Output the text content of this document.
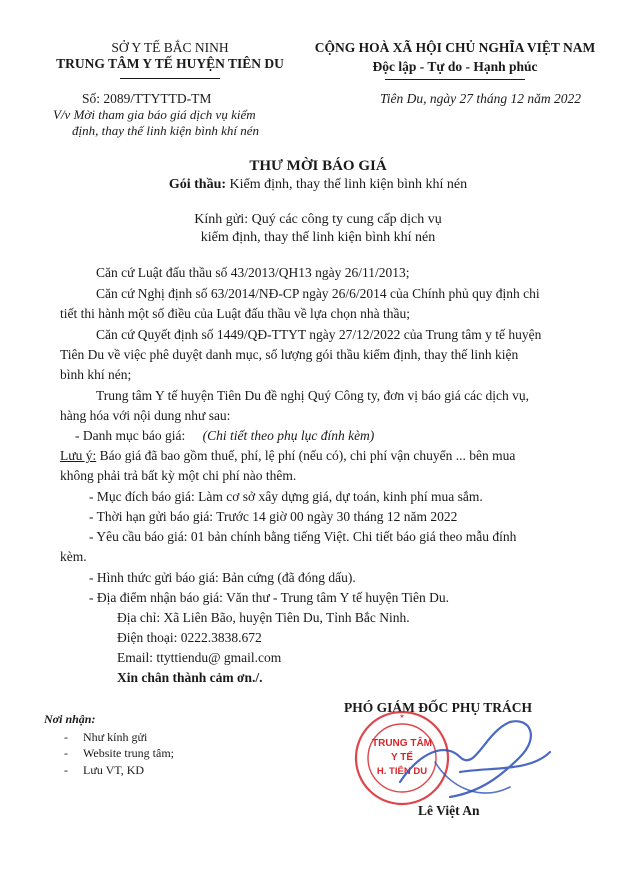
SỞ Y TẾ BẮC NINH
TRUNG TÂM Y TẾ HUYỆN TIÊN DU
Số: 2089/TTYTTD-TM
V/v Mời tham gia báo giá dịch vụ kiểm
định, thay thế linh kiện bình khí nén
CỘNG HOÀ XÃ HỘI CHỦ NGHĨA VIỆT NAM
Độc lập - Tự do - Hạnh phúc
Tiên Du, ngày 27 tháng 12 năm 2022
THƯ MỜI BÁO GIÁ
Gói thầu: Kiểm định, thay thế linh kiện bình khí nén
Kính gửi: Quý các công ty cung cấp dịch vụ
kiểm định, thay thế linh kiện bình khí nén
Căn cứ Luật đấu thầu số 43/2013/QH13 ngày 26/11/2013;
Căn cứ Nghị định số 63/2014/NĐ-CP ngày 26/6/2014 của Chính phủ quy định chi
tiết thi hành một số điều của Luật đấu thầu về lựa chọn nhà thầu;
Căn cứ Quyết định số 1449/QĐ-TTYT ngày 27/12/2022 của Trung tâm y tế huyện
Tiên Du về việc phê duyệt danh mục, số lượng gói thầu kiểm định, thay thế linh kiện
bình khí nén;
Trung tâm Y tế huyện Tiên Du đề nghị Quý Công ty, đơn vị báo giá các dịch vụ,
hàng hóa với nội dung như sau:
- Danh mục báo giá: (Chi tiết theo phụ lục đính kèm)
Lưu ý: Báo giá đã bao gồm thuế, phí, lệ phí (nếu có), chi phí vận chuyển ... bên mua
không phải trả bất kỳ một chi phí nào thêm.
- Mục đích báo giá: Làm cơ sở xây dựng giá, dự toán, kinh phí mua sắm.
- Thời hạn gửi báo giá: Trước 14 giờ 00 ngày 30 tháng 12 năm 2022
- Yêu cầu báo giá: 01 bản chính bằng tiếng Việt. Chi tiết báo giá theo mẫu đính
kèm.
- Hình thức gửi báo giá: Bản cứng (đã đóng dấu).
- Địa điểm nhận báo giá: Văn thư - Trung tâm Y tế huyện Tiên Du.
Địa chỉ: Xã Liên Bão, huyện Tiên Du, Tỉnh Bắc Ninh.
Điện thoại: 0222.3838.672
Email: ttyttiendu@ gmail.com
Xin chân thành cảm ơn./.
Nơi nhận:
-     Như kính gửi
-     Website trung tâm;
-     Lưu VT, KD
PHÓ GIÁM ĐỐC PHỤ TRÁCH
★
TRUNG TÂM
Y TẾ
H. TIÊN DU
Lê Việt An
